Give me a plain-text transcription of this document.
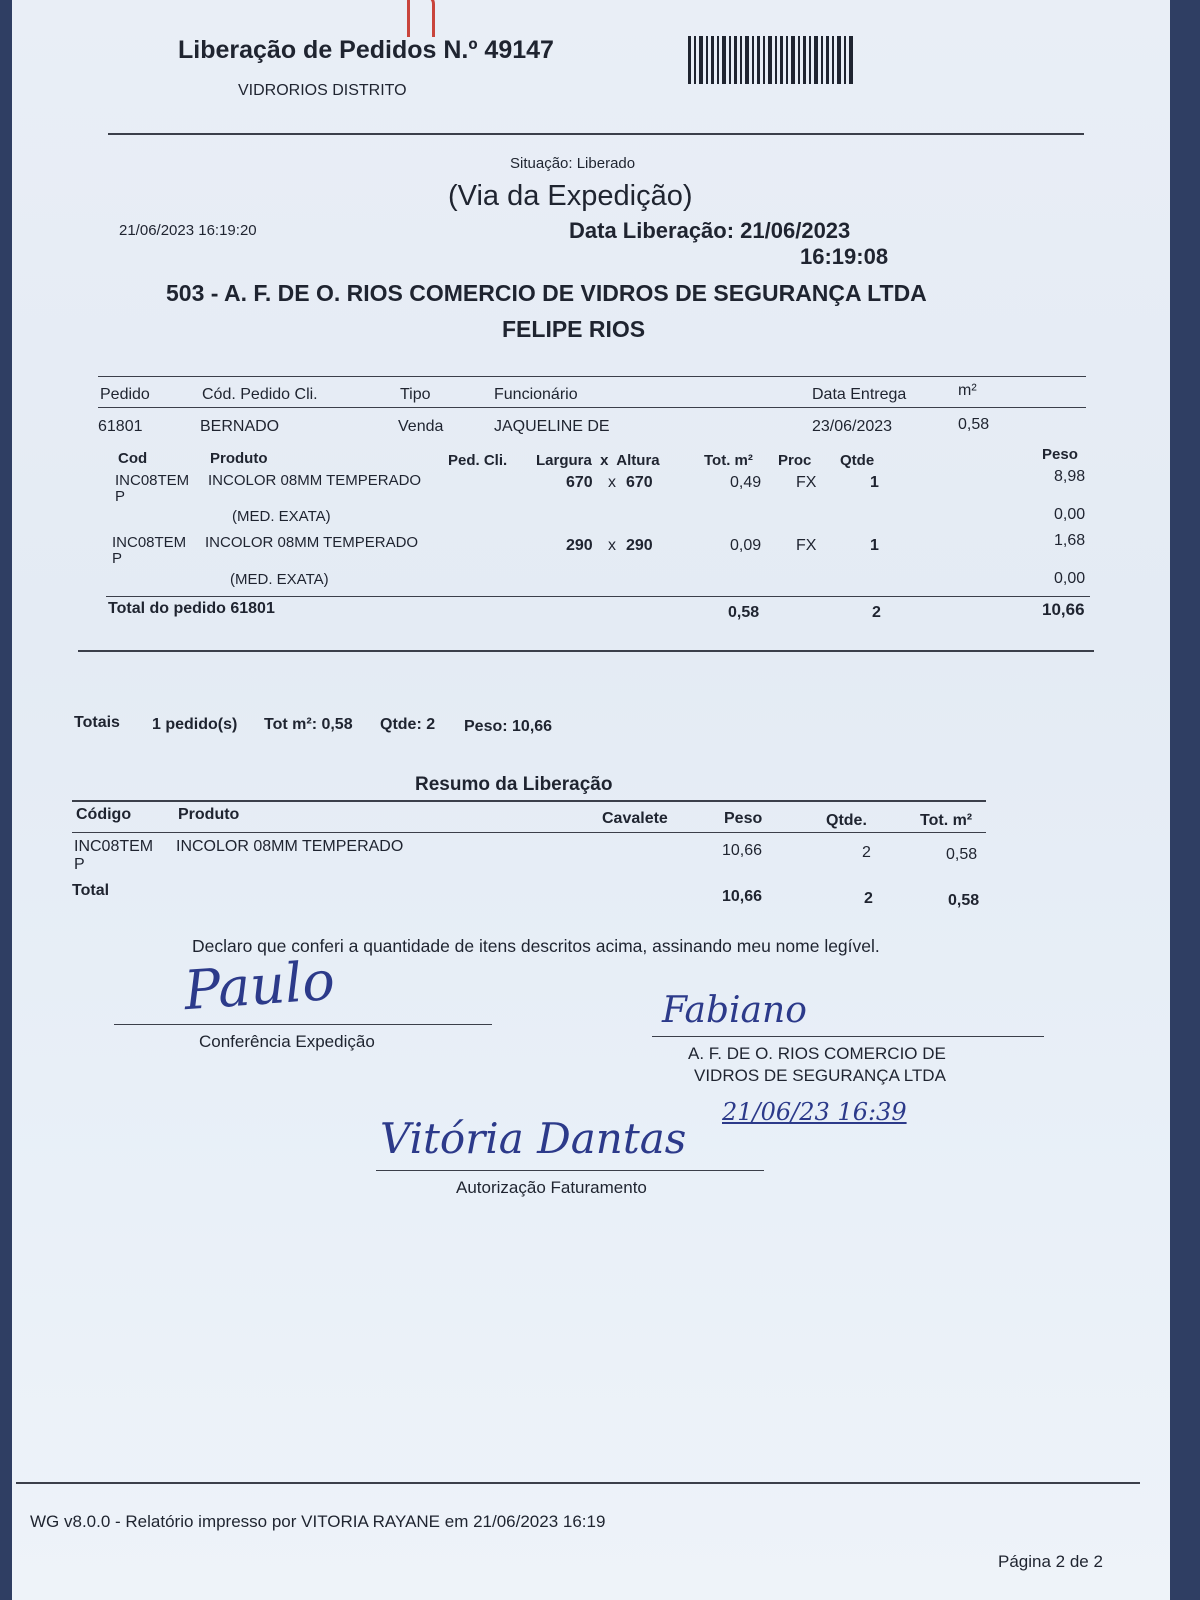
Liberação de Pedidos N.º 49147
VIDRORIOS DISTRITO
Situação: Liberado
(Via da Expedição)
21/06/2023 16:19:20	Data Liberação: 21/06/2023
16:19:08
503 - A. F. DE O. RIOS COMERCIO DE VIDROS DE SEGURANÇA LTDA
FELIPE RIOS
Pedido	Cód. Pedido Cli.	Tipo	Funcionário	Data Entrega	m²
61801	BERNADO	Venda	JAQUELINE DE	23/06/2023	0,58
Cod	Produto	Ped. Cli. Largura  x  Altura	Tot. m² Proc Qtde	Peso
INC08TEM
P
INCOLOR 08MM TEMPERADO	670 x 670	0,49 FX	1	8,98
(MED. EXATA)	0,00
INC08TEM
P
INCOLOR 08MM TEMPERADO	290 x 290	0,09 FX	1	1,68
(MED. EXATA)	0,00
Total do pedido 61801	0,58	2	10,66
Totais 1 pedido(s) Tot m²: 0,58 Qtde: 2 Peso: 10,66
Resumo da Liberação
Código	Produto	Cavalete	Peso	Qtde.	Tot. m²
INC08TEM
P
INCOLOR 08MM TEMPERADO	10,66	2	0,58
Total	10,66	2	0,58
Declaro que conferi a quantidade de itens descritos acima, assinando meu nome legível.
Paulo
Conferência Expedição
Fabiano
A. F. DE O. RIOS COMERCIO DE
VIDROS DE SEGURANÇA LTDA
21/06/23 16:39
Vitória Dantas
Autorização Faturamento
WG v8.0.0 - Relatório impresso por VITORIA RAYANE em 21/06/2023 16:19
Página 2 de 2
